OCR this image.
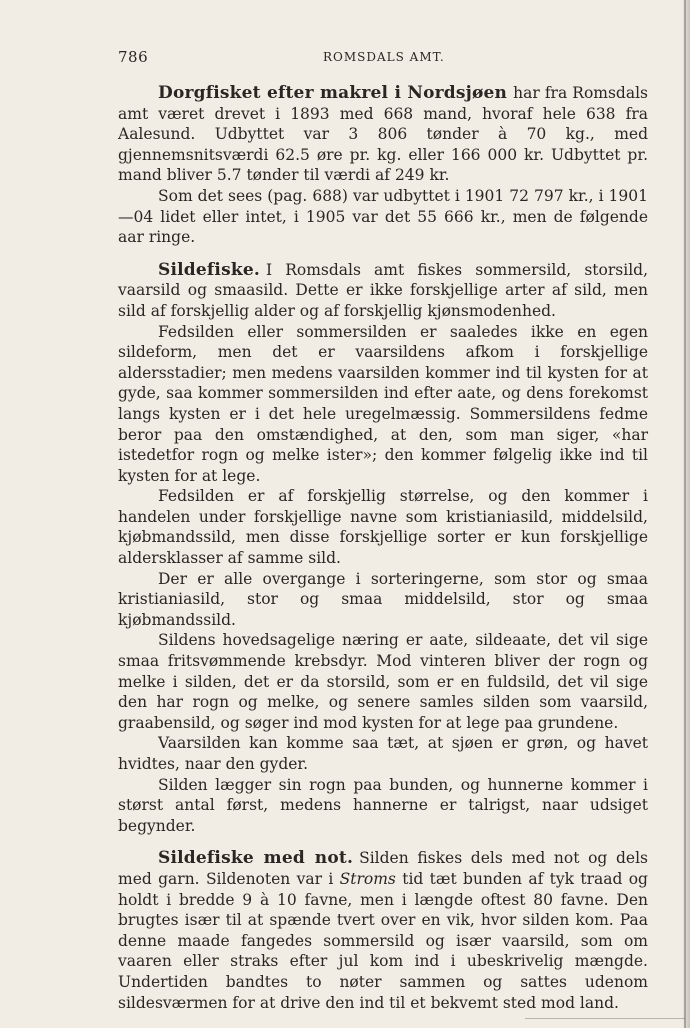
786	ROMSDALS AMT.

Dorgfisket efter makrel i Nordsjøen har fra Romsdals amt været drevet i 1893 med 668 mand, hvoraf hele 638 fra Aalesund. Udbyttet var 3 806 tønder à 70 kg., med gjennemsnitsværdi 62.5 øre pr. kg. eller 166 000 kr. Udbyttet pr. mand bliver 5.7 tønder til værdi af 249 kr.

Som det sees (pag. 688) var udbyttet i 1901 72 797 kr., i 1901—04 lidet eller intet, i 1905 var det 55 666 kr., men de følgende aar ringe.

Sildefiske. I Romsdals amt fiskes sommersild, storsild, vaarsild og smaasild. Dette er ikke forskjellige arter af sild, men sild af forskjellig alder og af forskjellig kjønsmodenhed.

Fedsilden eller sommersilden er saaledes ikke en egen sildeform, men det er vaarsildens afkom i forskjellige aldersstadier; men medens vaarsilden kommer ind til kysten for at gyde, saa kommer sommersilden ind efter aate, og dens forekomst langs kysten er i det hele uregelmæssig. Sommersildens fedme beror paa den omstændighed, at den, som man siger, «har istedetfor rogn og melke ister»; den kommer følgelig ikke ind til kysten for at lege.

Fedsilden er af forskjellig størrelse, og den kommer i handelen under forskjellige navne som kristianiasild, middelsild, kjøbmandssild, men disse forskjellige sorter er kun forskjellige aldersklasser af samme sild.

Der er alle overgange i sorteringerne, som stor og smaa kristianiasild, stor og smaa middelsild, stor og smaa kjøbmandssild.

Sildens hovedsagelige næring er aate, sildeaate, det vil sige smaa fritsvømmende krebsdyr. Mod vinteren bliver der rogn og melke i silden, det er da storsild, som er en fuldsild, det vil sige den har rogn og melke, og senere samles silden som vaarsild, graabensild, og søger ind mod kysten for at lege paa grundene.

Vaarsilden kan komme saa tæt, at sjøen er grøn, og havet hvidtes, naar den gyder.

Silden lægger sin rogn paa bunden, og hunnerne kommer i størst antal først, medens hannerne er talrigst, naar udsiget begynder.

Sildefiske med not. Silden fiskes dels med not og dels med garn. Sildenoten var i Stroms tid tæt bunden af tyk traad og holdt i bredde 9 à 10 favne, men i længde oftest 80 favne. Den brugtes især til at spænde tvert over en vik, hvor silden kom. Paa denne maade fangedes sommersild og især vaarsild, som om vaaren eller straks efter jul kom ind i ubeskrivelig mængde. Undertiden bandtes to nøter sammen og sattes udenom sildesværmen for at drive den ind til et bekvemt sted mod land.
